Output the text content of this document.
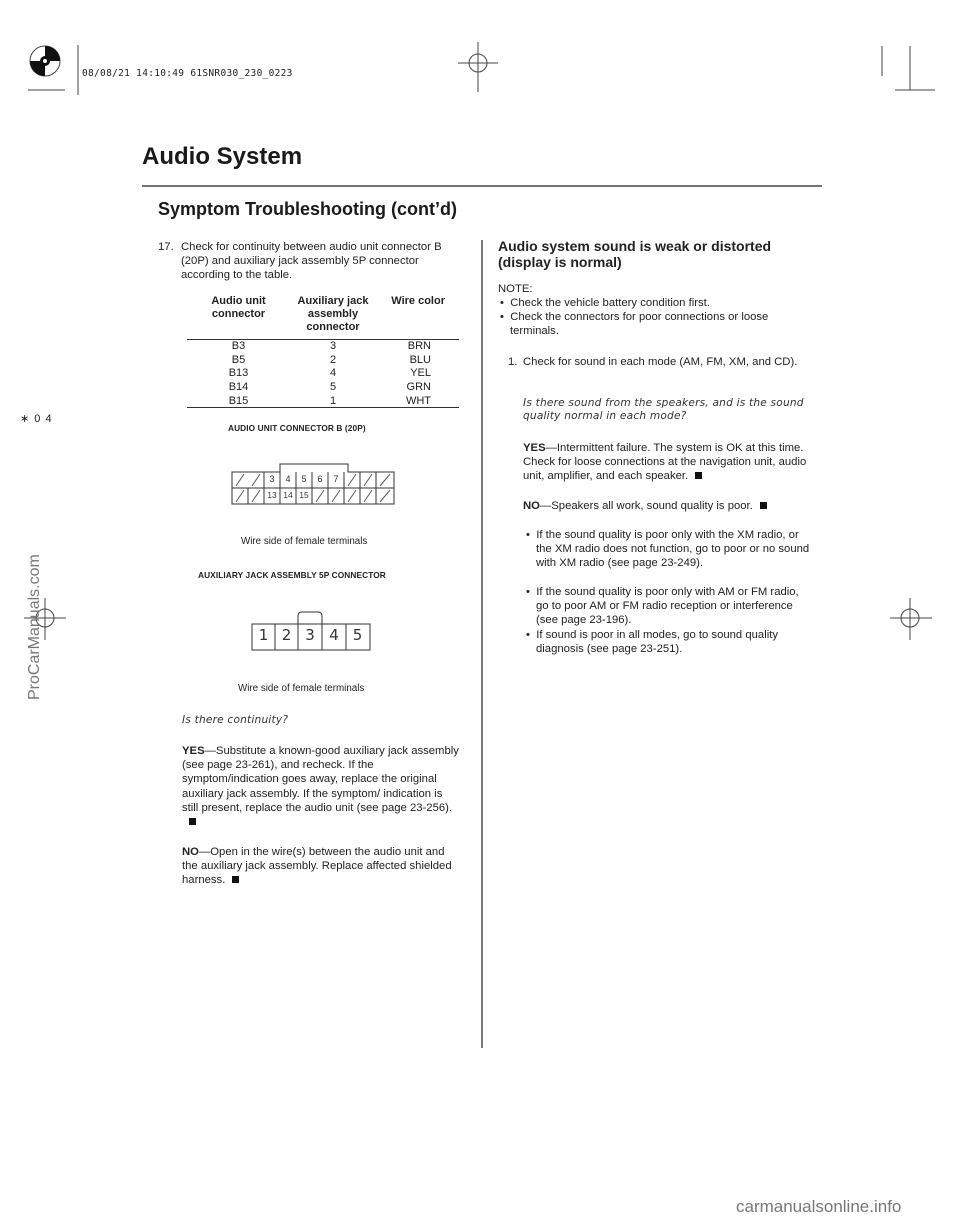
08/08/21 14:10:49 61SNR030_230_0223
∗ 0 4
Audio System
Symptom Troubleshooting (cont’d)
17. Check for continuity between audio unit connector B (20P) and auxiliary jack assembly 5P connector according to the table.
Audio unit connector	Auxiliary jack assembly connector	Wire color

B3	3	BRN
B5	2	BLU
B13	4	YEL
B14	5	GRN
B15	1	WHT

AUDIO UNIT CONNECTOR B (20P)
3 4 5 6 7
13 14 15
Wire side of female terminals
AUXILIARY JACK ASSEMBLY 5P CONNECTOR
1 2 3 4 5
Wire side of female terminals
Is there continuity?
YES—Substitute a known-good auxiliary jack assembly (see page 23-261), and recheck. If the symptom/indication goes away, replace the original auxiliary jack assembly. If the symptom/ indication is still present, replace the audio unit (see page 23-256).
NO—Open in the wire(s) between the audio unit and the auxiliary jack assembly. Replace affected shielded harness.
Audio system sound is weak or distorted
(display is normal)
NOTE:
•  Check the vehicle battery condition first.
•  Check the connectors for poor connections or loose terminals.
1. Check for sound in each mode (AM, FM, XM, and CD).
Is there sound from the speakers, and is the sound quality normal in each mode?
YES—Intermittent failure. The system is OK at this time. Check for loose connections at the navigation unit, audio unit, amplifier, and each speaker.
NO—Speakers all work, sound quality is poor.
•  If the sound quality is poor only with the XM radio, or the XM radio does not function, go to poor or no sound with XM radio (see page 23-249).
•  If the sound quality is poor only with AM or FM radio, go to poor AM or FM radio reception or interference (see page 23-196).
•  If sound is poor in all modes, go to sound quality diagnosis (see page 23-251).
ProCarManuals.com
carmanualsonline.info
